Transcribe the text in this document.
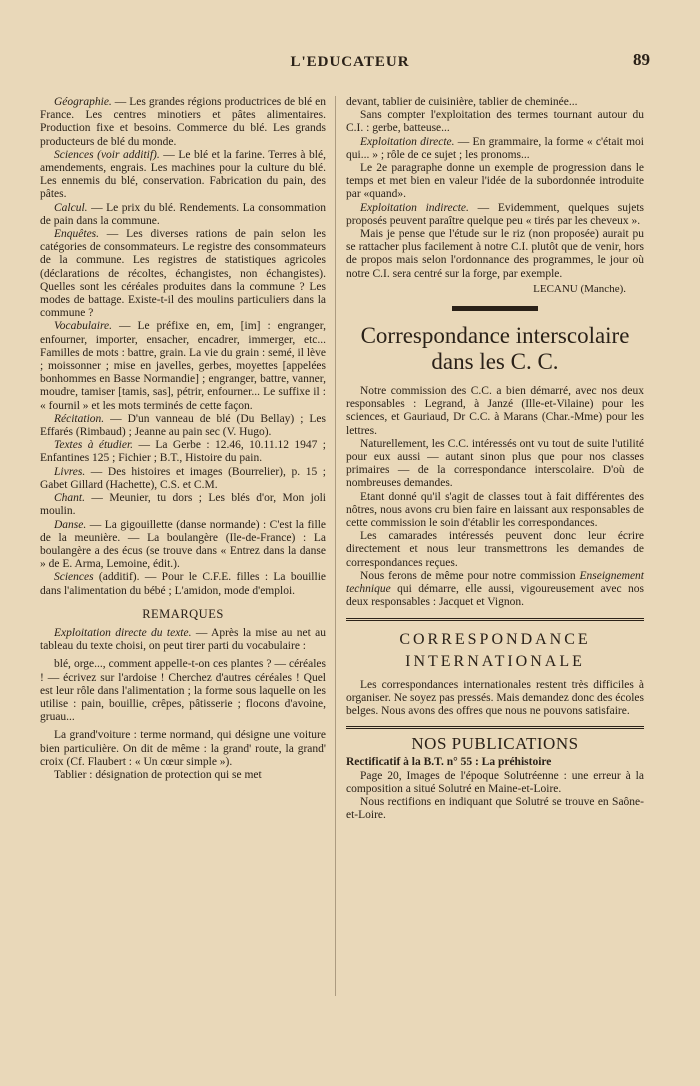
L'EDUCATEUR	89

Géographie. — Les grandes régions productrices de blé en France. Les centres minotiers et pâtes alimentaires. Production fixe et besoins. Commerce du blé. Les grands producteurs de blé du monde.

Sciences (voir additif). — Le blé et la farine. Terres à blé, amendements, engrais. Les machines pour la culture du blé. Les ennemis du blé, conservation. Fabrication du pain, des pâtes.

Calcul. — Le prix du blé. Rendements. La consommation de pain dans la commune.

Enquêtes. — Les diverses rations de pain selon les catégories de consommateurs. Le registre des consommateurs de la commune. Les registres de statistiques agricoles (déclarations de récoltes, échangistes, non échangistes). Quelles sont les céréales produites dans la commune ? Les modes de battage. Existe-t-il des moulins particuliers dans la commune ?

Vocabulaire. — Le préfixe en, em, [im] : engranger, enfourner, importer, ensacher, encadrer, immerger, etc... Familles de mots : battre, grain. La vie du grain : semé, il lève ; moissonner ; mise en javelles, gerbes, moyettes [appelées bonhommes en Basse Normandie] ; engranger, battre, vanner, moudre, tamiser [tamis, sas], pétrir, enfourner... Le suffixe il : « fournil » et les mots terminés de cette façon.

Récitation. — D'un vanneau de blé (Du Bellay) ; Les Effarés (Rimbaud) ; Jeanne au pain sec (V. Hugo).

Textes à étudier. — La Gerbe : 12.46, 10.11.12 1947 ; Enfantines 125 ; Fichier ; B.T., Histoire du pain.

Livres. — Des histoires et images (Bourrelier), p. 15 ; Gabet Gillard (Hachette), C.S. et C.M.

Chant. — Meunier, tu dors ; Les blés d'or, Mon joli moulin.

Danse. — La gigouillette (danse normande) : C'est la fille de la meunière. — La boulangère (Ile-de-France) : La boulangère a des écus (se trouve dans « Entrez dans la danse » de E. Arma, Lemoine, édit.).

Sciences (additif). — Pour le C.F.E. filles : La bouillie dans l'alimentation du bébé ; L'amidon, mode d'emploi.

REMARQUES

Exploitation directe du texte. — Après la mise au net au tableau du texte choisi, on peut tirer parti du vocabulaire :

blé, orge..., comment appelle-t-on ces plantes ? — céréales ! — écrivez sur l'ardoise ! Cherchez d'autres céréales ! Quel est leur rôle dans l'alimentation ; la forme sous laquelle on les utilise : pain, bouillie, crêpes, pâtisserie ; flocons d'avoine, gruau...

La grand'voiture : terme normand, qui désigne une voiture bien particulière. On dit de même : la grand' route, la grand' croix (Cf. Flaubert : « Un cœur simple »).

Tablier : désignation de protection qui se met

devant, tablier de cuisinière, tablier de cheminée...

Sans compter l'exploitation des termes tournant autour du C.I. : gerbe, batteuse...

Exploitation directe. — En grammaire, la forme « c'était moi qui... » ; rôle de ce sujet ; les pronoms...

Le 2e paragraphe donne un exemple de progression dans le temps et met bien en valeur l'idée de la subordonnée introduite par «quand».

Exploitation indirecte. — Evidemment, quelques sujets proposés peuvent paraître quelque peu « tirés par les cheveux ».

Mais je pense que l'étude sur le riz (non proposée) aurait pu se rattacher plus facilement à notre C.I. plutôt que de venir, hors de propos mais selon l'ordonnance des programmes, le jour où notre C.I. sera centré sur la forge, par exemple.

LECANU (Manche).
Correspondance interscolaire dans les C. C.

Notre commission des C.C. a bien démarré, avec nos deux responsables : Legrand, à Janzé (Ille-et-Vilaine) pour les sciences, et Gauriaud, Dr C.C. à Marans (Char.-Mme) pour les lettres.

Naturellement, les C.C. intéressés ont vu tout de suite l'utilité pour eux aussi — autant sinon plus que pour nos classes primaires — de la correspondance interscolaire. D'où de nombreuses demandes.

Etant donné qu'il s'agit de classes tout à fait différentes des nôtres, nous avons cru bien faire en laissant aux responsables de cette commission le soin d'établir les correspondances.

Les camarades intéressés peuvent donc leur écrire directement et nous leur transmettrons les demandes de correspondances reçues.

Nous ferons de même pour notre commission Enseignement technique qui démarre, elle aussi, vigoureusement avec nos deux responsables : Jacquet et Vignon.

CORRESPONDANCE INTERNATIONALE

Les correspondances internationales restent très difficiles à organiser. Ne soyez pas pressés. Mais demandez donc des écoles belges. Nous avons des offres que nous ne pouvons satisfaire.

NOS PUBLICATIONS

Rectificatif à la B.T. n° 55 : La préhistoire

Page 20, Images de l'époque Solutréenne : une erreur à la composition a situé Solutré en Maine-et-Loire.

Nous rectifions en indiquant que Solutré se trouve en Saône-et-Loire.
